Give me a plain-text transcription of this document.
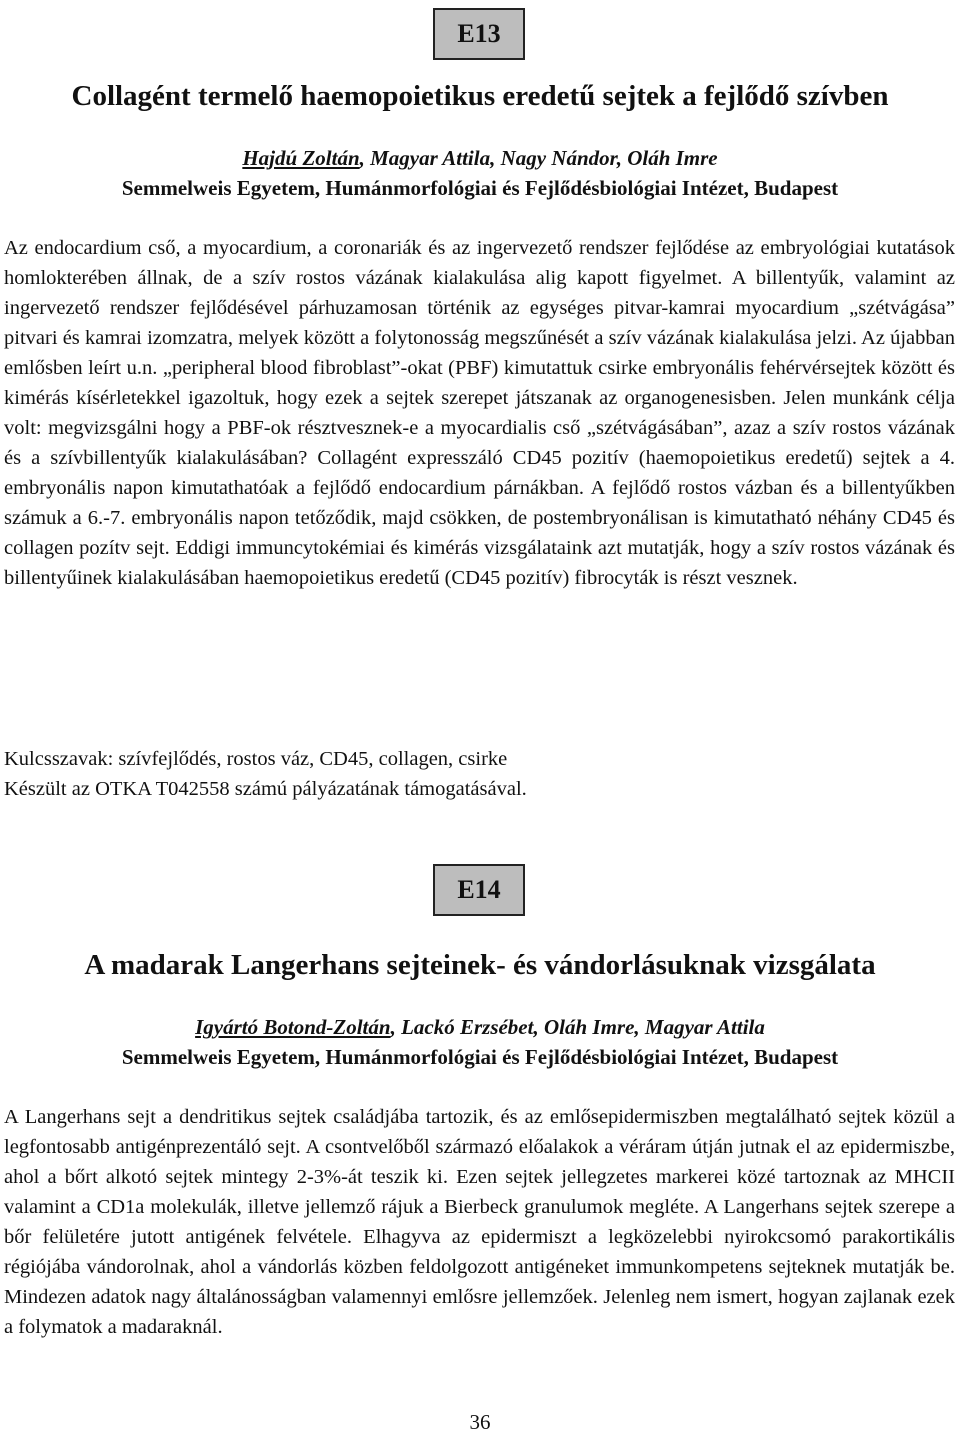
E13
Collagént termelő haemopoietikus eredetű sejtek a fejlődő szívben
Hajdú Zoltán, Magyar Attila, Nagy Nándor, Oláh Imre
Semmelweis Egyetem, Humánmorfológiai és Fejlődésbiológiai Intézet, Budapest

Az endocardium cső, a myocardium, a coronariák és az ingervezető rendszer fejlődése az embryológiai kutatások homlokterében állnak, de a szív rostos vázának kialakulása alig kapott figyelmet. A billentyűk, valamint az ingervezető rendszer fejlődésével párhuzamosan történik az egységes pitvar-kamrai myocardium „szétvágása” pitvari és kamrai izomzatra, melyek között a folytonosság megszűnését a szív vázának kialakulása jelzi. Az újabban emlősben leírt u.n. „peripheral blood fibroblast”-okat (PBF) kimutattuk csirke embryonális fehérvérsejtek között és kimérás kísérletekkel igazoltuk, hogy ezek a sejtek szerepet játszanak az organogenesisben. Jelen munkánk célja volt: megvizsgálni hogy a PBF-ok résztvesznek-e a myocardialis cső „szétvágásában”, azaz a szív rostos vázának és a szívbillentyűk kialakulásában? Collagént expresszáló CD45 pozitív (haemopoietikus eredetű) sejtek a 4. embryonális napon kimutathatóak a fejlődő endocardium párnákban. A fejlődő rostos vázban és a billentyűkben számuk a 6.-7. embryonális napon tetőződik, majd csökken, de postembryonálisan is kimutatható néhány CD45 és collagen pozítv sejt. Eddigi immuncytokémiai és kimérás vizsgálataink azt mutatják, hogy a szív rostos vázának és billentyűinek kialakulásában haemopoietikus eredetű (CD45 pozitív) fibrocyták is részt vesznek.

Kulcsszavak: szívfejlődés, rostos váz, CD45, collagen, csirke
Készült az OTKA T042558 számú pályázatának támogatásával.
E14
A madarak Langerhans sejteinek- és vándorlásuknak vizsgálata
Igyártó Botond-Zoltán, Lackó Erzsébet, Oláh Imre, Magyar Attila
Semmelweis Egyetem, Humánmorfológiai és Fejlődésbiológiai Intézet, Budapest

A Langerhans sejt a dendritikus sejtek családjába tartozik, és az emlősepidermiszben megtalálható sejtek közül a legfontosabb antigénprezentáló sejt. A csontvelőből származó előalakok a véráram útján jutnak el az epidermiszbe, ahol a bőrt alkotó sejtek mintegy 2-3%-át teszik ki. Ezen sejtek jellegzetes markerei közé tartoznak az MHCII valamint a CD1a molekulák, illetve jellemző rájuk a Bierbeck granulumok megléte. A Langerhans sejtek szerepe a bőr felületére jutott antigének felvétele. Elhagyva az epidermiszt a legközelebbi nyirokcsomó parakortikális régiójába vándorolnak, ahol a vándorlás közben feldolgozott antigéneket immunkompetens sejteknek mutatják be. Mindezen adatok nagy általánosságban valamennyi emlősre jellemzőek. Jelenleg nem ismert, hogyan zajlanak ezek a folymatok a madaraknál.

36
